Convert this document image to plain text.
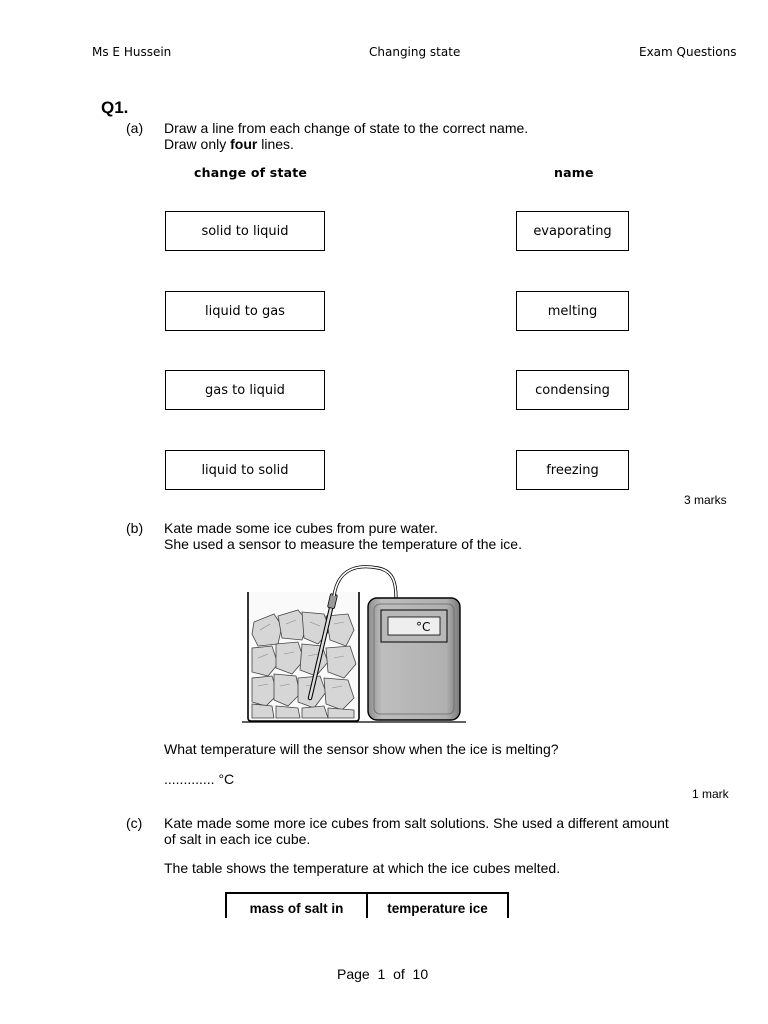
Ms E Hussein	Changing state	Exam Questions
Q1.
(a) Draw a line from each change of state to the correct name.
Draw only four lines.
change of state	name
solid to liquid
liquid to gas
gas to liquid
liquid to solid
evaporating
melting
condensing
freezing
3 marks
(b) Kate made some ice cubes from pure water.
She used a sensor to measure the temperature of the ice.
°C
What temperature will the sensor show when the ice is melting?
............. °C
1 mark
(c) Kate made some more ice cubes from salt solutions. She used a different amount
of salt in each ice cube.
The table shows the temperature at which the ice cubes melted.
mass of salt in	temperature ice
Page 1 of 10
